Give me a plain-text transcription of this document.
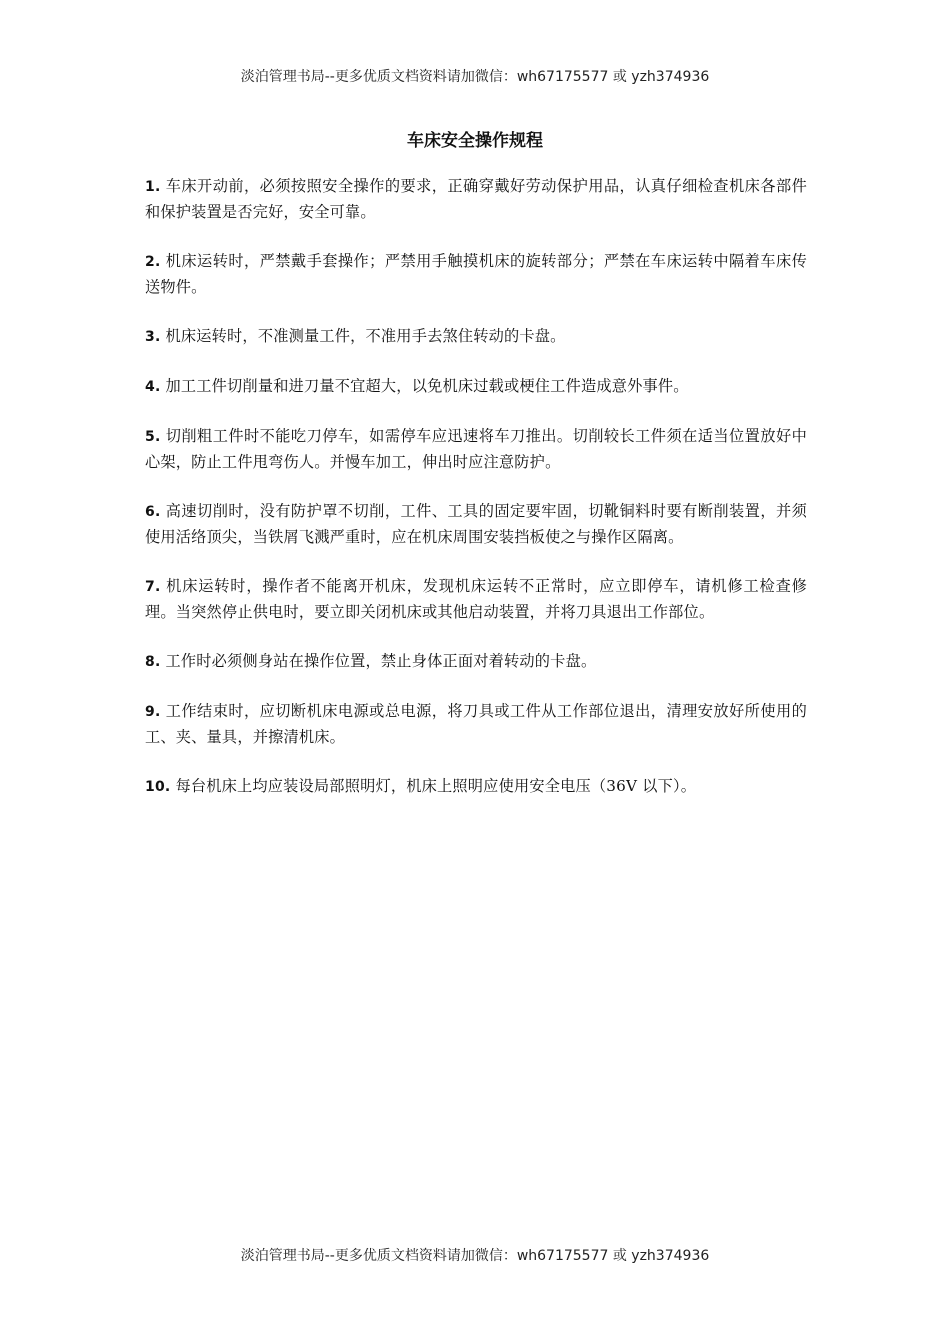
淡泊管理书局--更多优质文档资料请加微信：wh67175577 或 yzh374936
车床安全操作规程

1. 车床开动前，必须按照安全操作的要求，正确穿戴好劳动保护用品，认真仔细检查机床各部件和保护装置是否完好，安全可靠。

2. 机床运转时，严禁戴手套操作；严禁用手触摸机床的旋转部分；严禁在车床运转中隔着车床传送物件。

3. 机床运转时，不准测量工件，不准用手去煞住转动的卡盘。

4. 加工工件切削量和进刀量不宜超大，以免机床过载或梗住工件造成意外事件。

5. 切削粗工件时不能吃刀停车，如需停车应迅速将车刀推出。切削较长工件须在适当位置放好中心架，防止工件甩弯伤人。并慢车加工，伸出时应注意防护。

6. 高速切削时，没有防护罩不切削，工件、工具的固定要牢固，切靴铜料时要有断削装置，并须使用活络顶尖，当铁屑飞溅严重时，应在机床周围安装挡板使之与操作区隔离。

7. 机床运转时，操作者不能离开机床，发现机床运转不正常时，应立即停车，请机修工检查修理。当突然停止供电时，要立即关闭机床或其他启动装置，并将刀具退出工作部位。

8. 工作时必须侧身站在操作位置，禁止身体正面对着转动的卡盘。

9. 工作结束时，应切断机床电源或总电源，将刀具或工件从工作部位退出，清理安放好所使用的工、夹、量具，并擦清机床。

10. 每台机床上均应装设局部照明灯，机床上照明应使用安全电压（36V 以下）。

淡泊管理书局--更多优质文档资料请加微信：wh67175577 或 yzh374936
